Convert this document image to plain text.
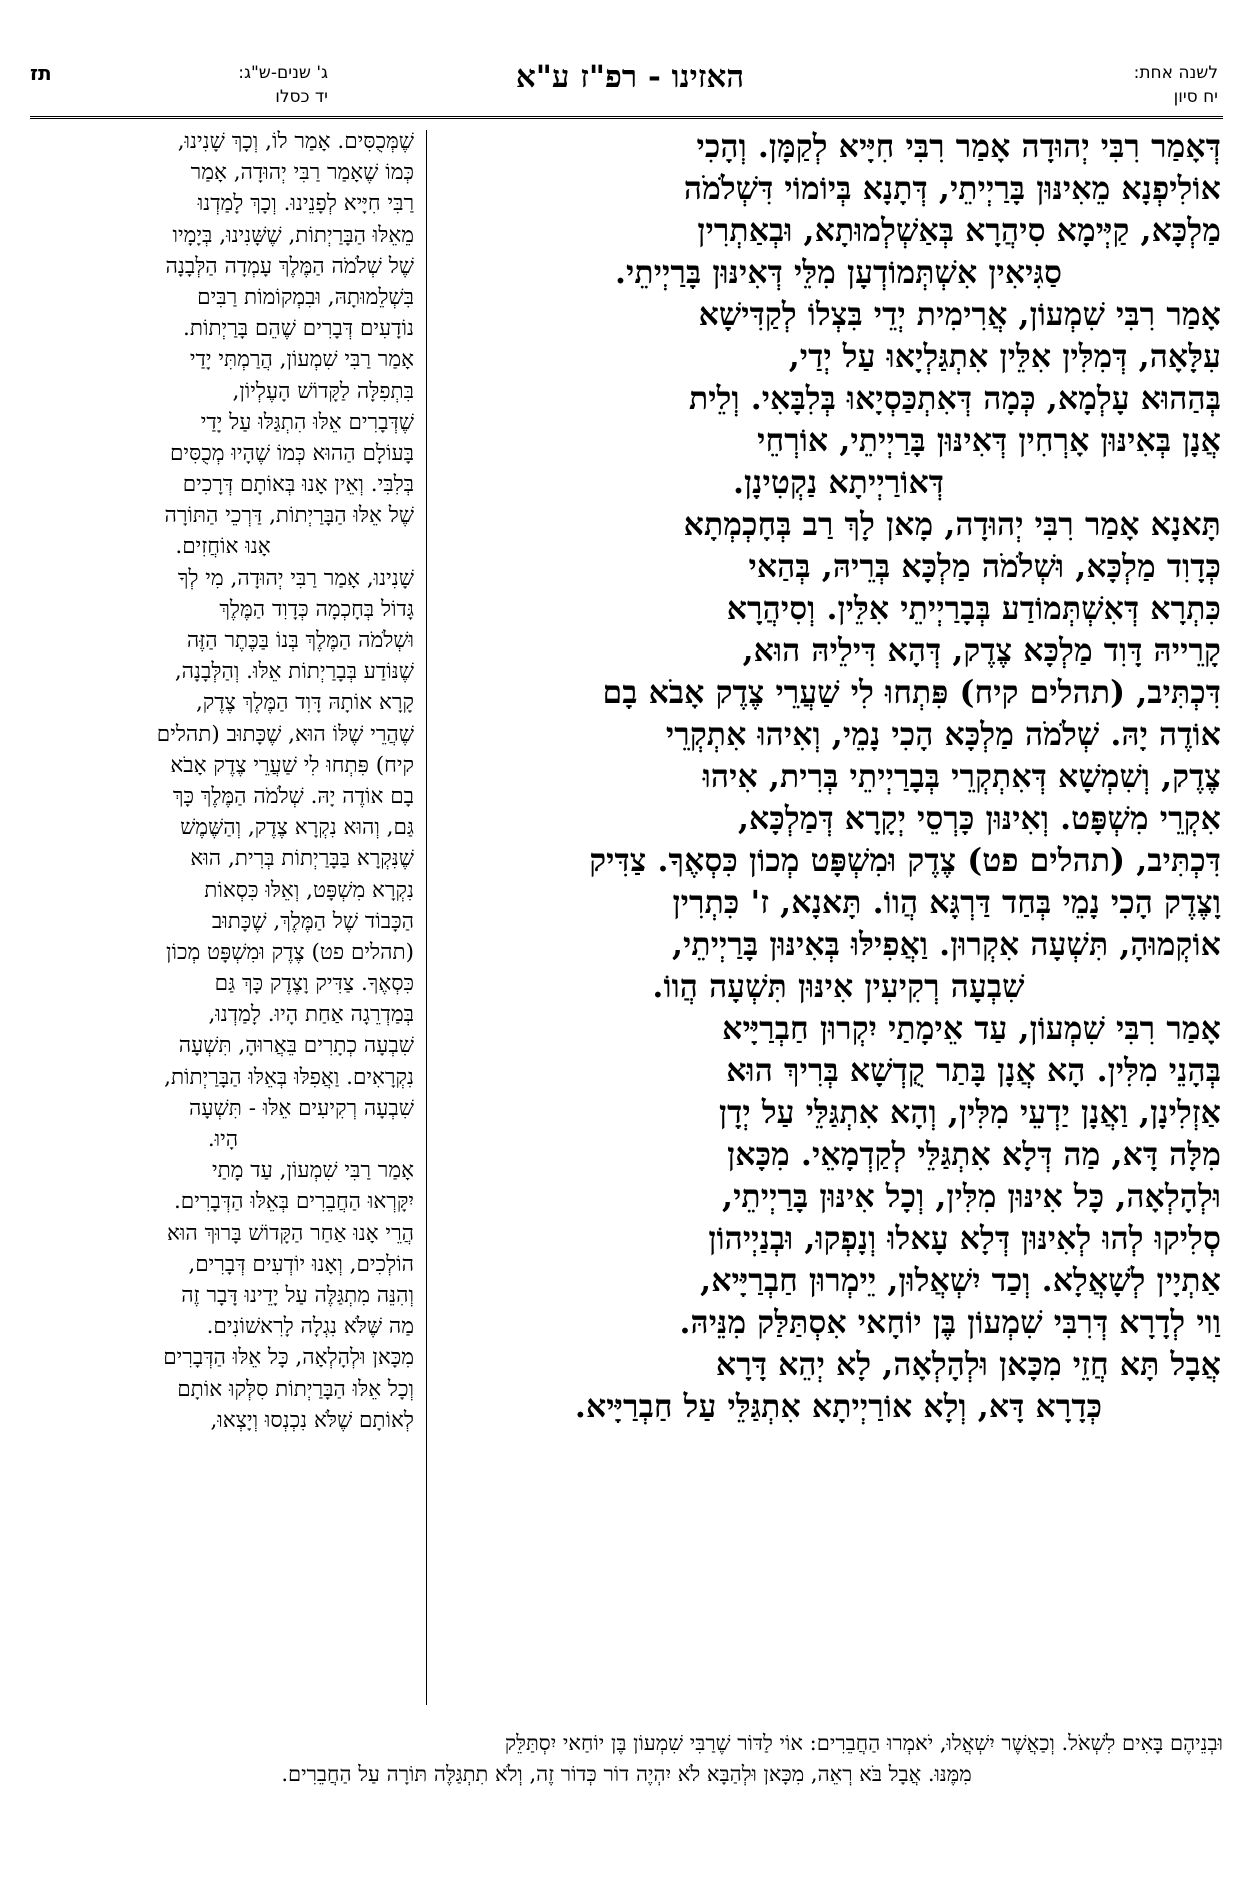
לשנה אחת:
יח סיון
האזינו - רפ"ז ע"א
ג' שנים-ש"ג:
יד כסלו
תז
דְּאָמַר רִבִּי יְהוּדָה אָמַר רִבִּי חִיָּיא לְקַמָּן. וְהָכִי
אוֹלִיפְנָא מֵאִינּוּן בָּרַיְיתֵי, דְּתָנָא בְּיוֹמוֹי דִּשְׁלֹמֹה
מַלְכָּא, קַיְּימָא סִיהֲרָא בְּאַשְׁלְמוּתָא, וּבְאַתְרִין
סַגִּיאִין אִשְׁתְּמוֹדְעָן מִלֵּי דְּאִינּוּן בָּרַיְיתֵי.
אָמַר רִבִּי שִׁמְעוֹן, אֲרִימִית יְדֵי בִּצְלוֹ לְקַדִּישָׁא
עִלָּאָה, דְּמִלִּין אִלֵּין אִתְגַּלְיָאוּ עַל יְדַי,
בְּהַהוּא עָלְמָא, כְּמָה דְּאִתְכַּסְיָאוּ בְּלִבָּאִי. וְלֵית
אֲנָן בְּאִינּוּן אָרְחִין דְּאִינּוּן בָּרַיְיתֵי, אוֹרְחֵי
דְּאוֹרַיְיתָא נַקְטִינָן.
תָּאנָא אָמַר רִבִּי יְהוּדָה, מָאן לָךְ רַב בְּחָכְמְתָא
כְּדָוִד מַלְכָּא, וּשְׁלֹמֹה מַלְכָּא בְּרֵיהּ, בְּהַאי
כִּתְרָא דְּאִשְׁתְּמוֹדַע בְּבָרַיְיתֵי אִלֵּין. וְסִיהֲרָא
קָרֵייהּ דָּוִד מַלְכָּא צֶדֶק, דְּהָא דִּילֵיהּ הוּא,
דִּכְתִּיב, (תהלים קיח) פִּתְחוּ לִי שַׁעֲרֵי צֶדֶק אָבֹא בָם
אוֹדֶה יָהּ. שְׁלֹמֹה מַלְכָּא הָכִי נָמֵי, וְאִיהוּ אִתְקְרֵי
צֶדֶק, וְשִׁמְשָׁא דְּאִתְקְרֵי בְּבָרַיְיתֵי בְּרִית, אִיהוּ
אִקְרֵי מִשְׁפָּט. וְאִינּוּן כָּרְסֵי יְקָרָא דְּמַלְכָּא,
דִּכְתִּיב, (תהלים פט) צֶדֶק וּמִשְׁפָּט מְכוֹן כִּסְאֶךָ. צַדִּיק
וָצֶדֶק הָכִי נָמֵי בְּחַד דַּרְגָּא הֲווֹ. תָּאנָא, ז' כִּתְרִין
אוֹקְמוּהָ, תִּשְׁעָה אִקְרוּן. וַאֲפִילּוּ בְּאִינּוּן בָּרַיְיתֵי,
שִׁבְעָה רְקִיעִין אִינּוּן תִּשְׁעָה הֲווֹ.
אָמַר רִבִּי שִׁמְעוֹן, עַד אֵימָתַי יִקְרוּן חַבְרַיָּיא
בְּהָנֵי מִלִּין. הָא אֲנָן בָּתַר קֻדְשָׁא בְּרִיךְ הוּא
אַזְלִינָן, וַאֲנָן יַדְעֵי מִלִּין, וְהָא אִתְגַּלֵּי עַל יְדָן
מִלָּה דָּא, מַה דְּלָא אִתְגַּלֵּי לְקַדְמָאֵי. מִכָּאן
וּלְהָלְאָה, כָּל אִינּוּן מִלִּין, וְכָל אִינּוּן בָּרַיְיתֵי,
סְלִיקוּ לְהוּ לְאִינּוּן דְּלָא עָאלוּ וְנָפְקוּ, וּבְנַיְיהוֹן
אַתְיָין לְשָׁאֲלָא. וְכַד יִשְׁאֲלוּן, יֵימְרוּן חַבְרַיָּיא,
וַוי לְדָרָא דְּרִבִּי שִׁמְעוֹן בֶּן יוֹחָאי אִסְתַּלַּק מִנֵּיהּ.
אֲבָל תָּא חֲזֵי מִכָּאן וּלְהָלְאָה, לָא יְהֵא דָּרָא
כְּדָרָא דָּא, וְלָא אוֹרַיְיתָא אִתְגַּלֵּי עַל חַבְרַיָּיא.
שֶׁמְּכֻסִּים. אָמַר לוֹ, וְכָךְ שָׁנִינוּ,
כְּמוֹ שֶׁאָמַר רַבִּי יְהוּדָה, אָמַר
רַבִּי חִיָּיא לְפָנֵינוּ. וְכָךְ לָמַדְנוּ
מֵאֵלּוּ הַבָּרַיְתוֹת, שֶׁשָּׁנִינוּ, בְּיָמָיו
שֶׁל שְׁלֹמֹה הַמֶּלֶךְ עָמְדָה הַלְּבָנָה
בִּשְׁלֵמוּתָהּ, וּבִמְקוֹמוֹת רַבִּים
נוֹדָעִים דְּבָרִים שֶׁהֵם בָּרַיְתוֹת.
אָמַר רַבִּי שִׁמְעוֹן, הֲרַמְתִּי יָדַי
בִּתְפִלָּה לַקָּדוֹשׁ הָעֶלְיוֹן,
שֶׁדְּבָרִים אֵלּוּ הִתְגַּלּוּ עַל יָדַי
בָּעוֹלָם הַהוּא כְּמוֹ שֶׁהָיוּ מְכֻסִּים
בְּלִבִּי. וְאֵין אָנוּ בְּאוֹתָם דְּרָכִים
שֶׁל אֵלּוּ הַבָּרַיְתוֹת, דַּרְכֵי הַתּוֹרָה
אָנוּ אוֹחֲזִים.
שָׁנִינוּ, אָמַר רַבִּי יְהוּדָה, מִי לְךָ
גָּדוֹל בְּחָכְמָה כְּדָוִד הַמֶּלֶךְ
וּשְׁלֹמֹה הַמֶּלֶךְ בְּנוֹ בַּכֶּתֶר הַזֶּה
שֶׁנּוֹדַע בְּבָרַיְתוֹת אֵלּוּ. וְהַלְּבָנָה,
קָרָא אוֹתָהּ דָּוִד הַמֶּלֶךְ צֶדֶק,
שֶׁהֲרֵי שֶׁלּוֹ הוּא, שֶׁכָּתוּב (תהלים
קיח) פִּתְחוּ לִי שַׁעֲרֵי צֶדֶק אָבֹא
בָם אוֹדֶה יָהּ. שְׁלֹמֹה הַמֶּלֶךְ כָּךְ
גַּם, וְהוּא נִקְרָא צֶדֶק, וְהַשֶּׁמֶשׁ
שֶׁנִּקְרָא בַּבָּרַיְתוֹת בְּרִית, הוּא
נִקְרָא מִשְׁפָּט, וְאֵלּוּ כִּסְאוֹת
הַכָּבוֹד שֶׁל הַמֶּלֶךְ, שֶׁכָּתוּב
(תהלים פט) צֶדֶק וּמִשְׁפָּט מְכוֹן
כִּסְאֶךָ. צַדִּיק וָצֶדֶק כָּךְ גַּם
בְּמַדְרֵגָה אַחַת הָיוּ. לָמַדְנוּ,
שִׁבְעָה כְתָרִים בֵּאֲרוּהָ, תִּשְׁעָה
נִקְרָאִים. וַאֲפִלּוּ בְּאֵלּוּ הַבָּרַיְתוֹת,
שִׁבְעָה רְקִיעִים אֵלּוּ - תִּשְׁעָה
הָיוּ.
אָמַר רַבִּי שִׁמְעוֹן, עַד מָתַי
יִקָּרְאוּ הַחֲבֵרִים בְּאֵלּוּ הַדְּבָרִים.
הֲרֵי אָנוּ אַחַר הַקָּדוֹשׁ בָּרוּךְ הוּא
הוֹלְכִים, וְאָנוּ יוֹדְעִים דְּבָרִים,
וְהִנֵּה מִתְגַּלֶּה עַל יָדֵינוּ דָּבָר זֶה
מַה שֶּׁלֹּא נִגְלָה לָרִאשׁוֹנִים.
מִכָּאן וּלְהָלְאָה, כָּל אֵלּוּ הַדְּבָרִים
וְכָל אֵלּוּ הַבָּרַיְתוֹת סִלְּקוּ אוֹתָם
לְאוֹתָם שֶׁלֹּא נִכְנְסוּ וְיָצְאוּ,
וּבְנֵיהֶם בָּאִים לִשְׁאֹל. וְכַאֲשֶׁר יִשְׁאֲלוּ, יֹאמְרוּ הַחֲבֵרִים: אוֹי לַדּוֹר שֶׁרַבִּי שִׁמְעוֹן בֶּן יוֹחַאי יִסְתַּלֵּק
מִמֶּנּוּ. אֲבָל בֹּא רְאֵה, מִכָּאן וּלְהַבָּא לֹא יִהְיֶה דוֹר כְּדוֹר זֶה, וְלֹא תִתְגַּלֶּה תּוֹרָה עַל הַחֲבֵרִים.
